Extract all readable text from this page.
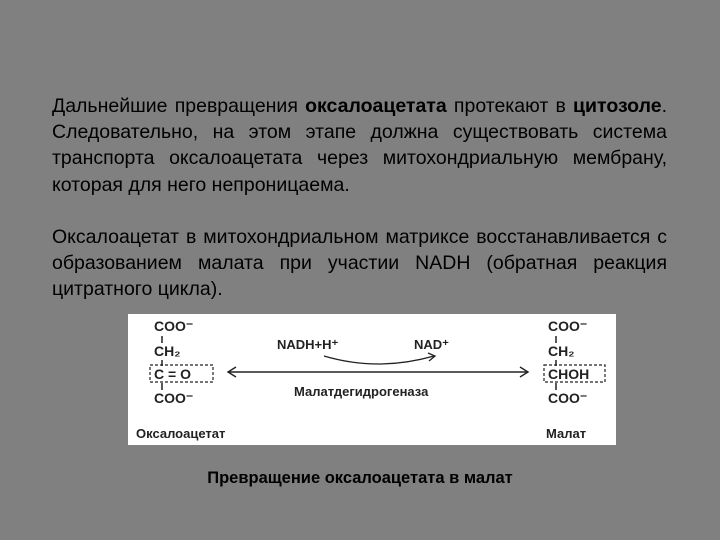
Дальнейшие превращения оксалоацетата протекают в цитозоле. Следовательно, на этом этапе должна существовать система транспорта оксалоацетата через митохондриальную мембрану, которая для него непроницаема.
Оксалоацетат в митохондриальном матриксе восстанавливается с образованием малата при участии NADH (обратная реакция цитратного цикла).
COO⁻
CH₂
C = O
COO⁻
Оксалоацетат
NADH+H⁺	NAD⁺
Малатдегидрогеназа
COO⁻
CH₂
CHOH
COO⁻
Малат
Превращение оксалоацетата в малат
